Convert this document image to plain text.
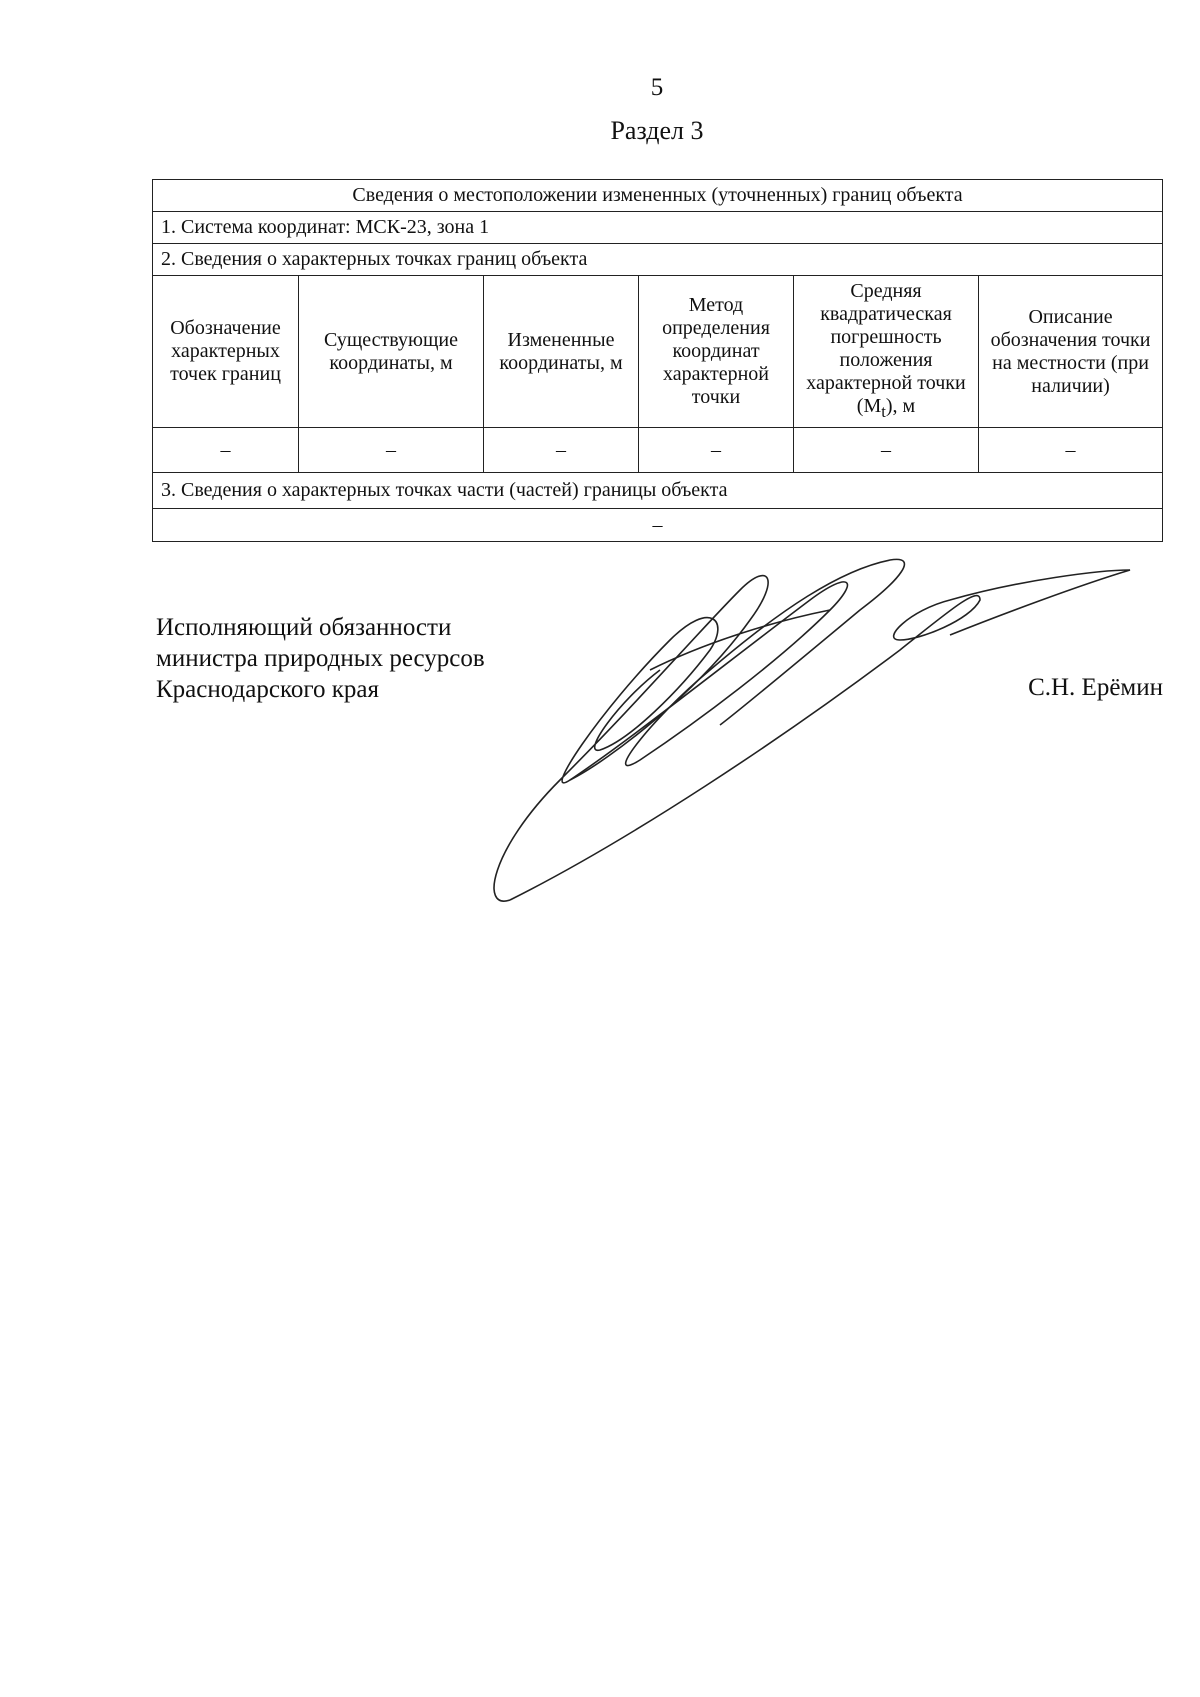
5
Раздел 3
Сведения о местоположении измененных (уточненных) границ объекта					
1. Система координат: МСК-23, зона 1					
2. Сведения о характерных точках границ объекта					
Обозначение характерных точек границ	Существующие координаты, м	Измененные координаты, м	Метод определения координат характерной точки	Средняя квадратическая погрешность положения характерной точки $(M_t)$, м	Описание обозначения точки на местности (при наличии)
–	–	–	–	–	–
3. Сведения о характерных точках части (частей) границы объекта					
–					
Исполняющий обязанности
министра природных ресурсов
Краснодарского края	С.Н. Ерёмин
